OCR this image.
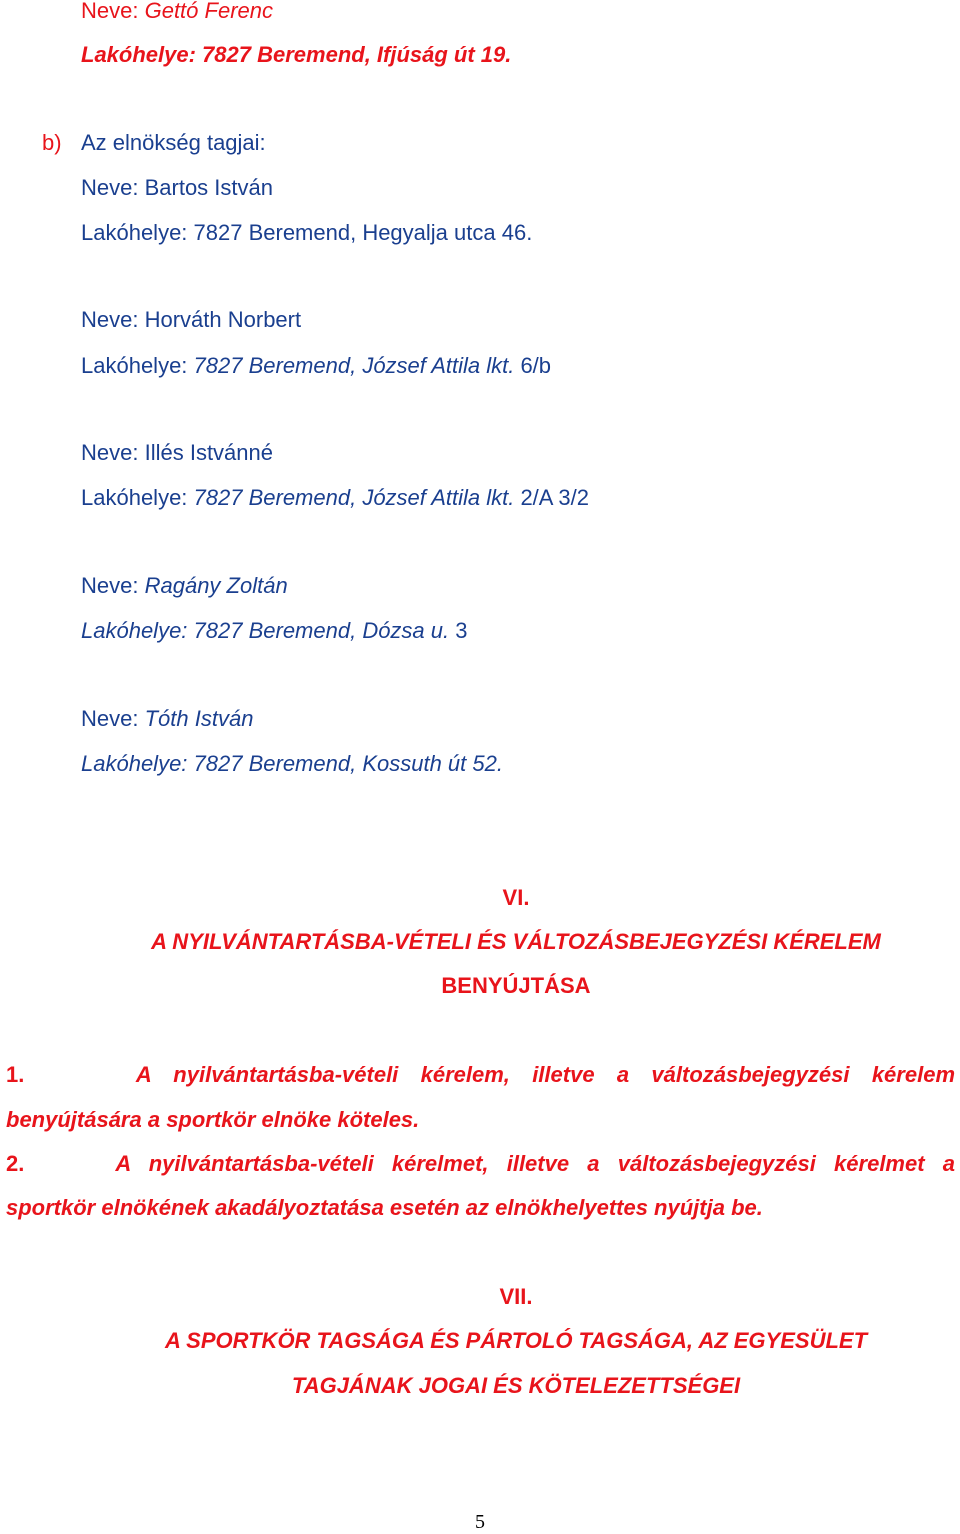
Neve: Gettó Ferenc

Lakóhelye: 7827 Beremend, Ifjúság út 19.

b) Az elnökség tagjai:

Neve: Bartos István

Lakóhelye: 7827 Beremend, Hegyalja utca 46.

Neve: Horváth Norbert

Lakóhelye: 7827 Beremend, József Attila lkt. 6/b

Neve: Illés Istvánné

Lakóhelye: 7827 Beremend, József Attila lkt. 2/A 3/2

Neve: Ragány Zoltán

Lakóhelye: 7827 Beremend, Dózsa u. 3

Neve: Tóth István

Lakóhelye: 7827 Beremend, Kossuth út 52.

VI.

A NYILVÁNTARTÁSBA-VÉTELI ÉS VÁLTOZÁSBEJEGYZÉSI KÉRELEM

BENYÚJTÁSA

1.	A nyilvántartásba-vételi kérelem, illetve a változásbejegyzési kérelem

benyújtására a sportkör elnöke köteles.

2.	A nyilvántartásba-vételi kérelmet, illetve a változásbejegyzési kérelmet a

sportkör elnökének akadályoztatása esetén az elnökhelyettes nyújtja be.

VII.

A SPORTKÖR TAGSÁGA ÉS PÁRTOLÓ TAGSÁGA, AZ EGYESÜLET

TAGJÁNAK JOGAI ÉS KÖTELEZETTSÉGEI

5
